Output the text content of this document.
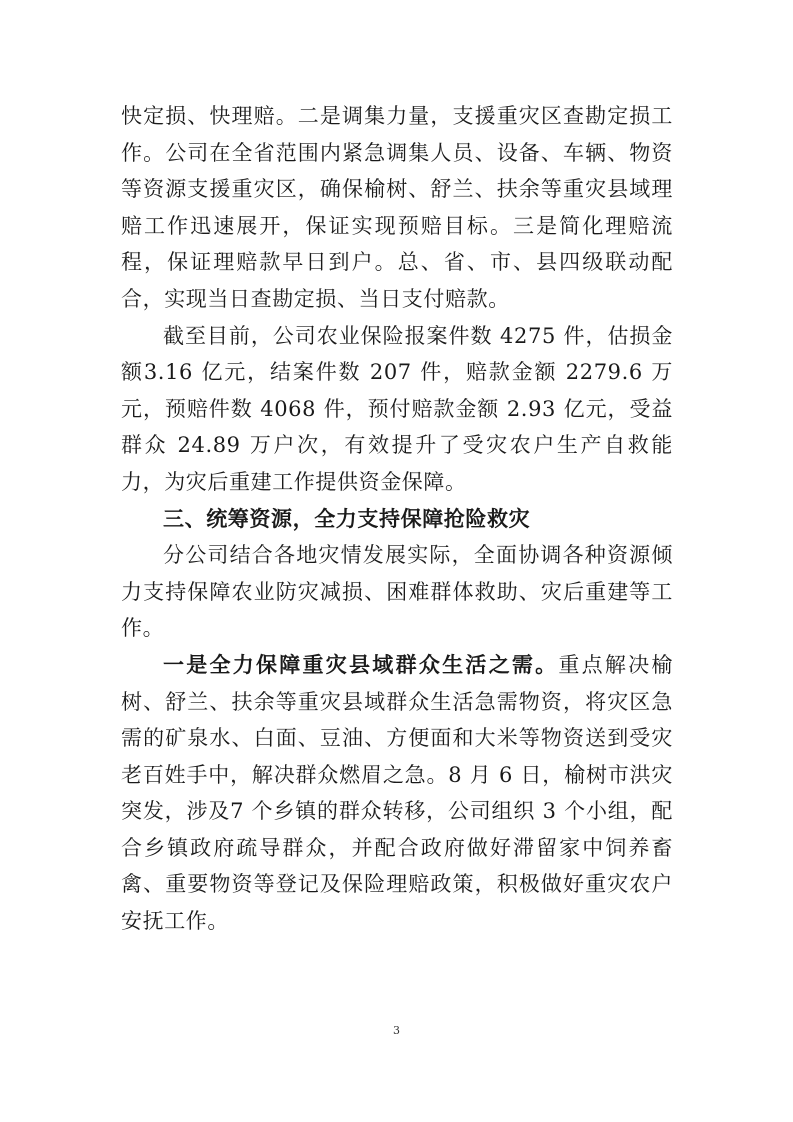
快定损、快理赔。二是调集力量，支援重灾区查勘定损工作。公司在全省范围内紧急调集人员、设备、车辆、物资等资源支援重灾区，确保榆树、舒兰、扶余等重灾县域理赔工作迅速展开，保证实现预赔目标。三是简化理赔流程，保证理赔款早日到户。总、省、市、县四级联动配合，实现当日查勘定损、当日支付赔款。

截至目前，公司农业保险报案件数 4275 件，估损金额3.16 亿元，结案件数 207 件，赔款金额 2279.6 万元，预赔件数 4068 件，预付赔款金额 2.93 亿元，受益群众 24.89 万户次，有效提升了受灾农户生产自救能力，为灾后重建工作提供资金保障。

三、统筹资源，全力支持保障抢险救灾

分公司结合各地灾情发展实际，全面协调各种资源倾力支持保障农业防灾减损、困难群体救助、灾后重建等工作。

一是全力保障重灾县域群众生活之需。重点解决榆树、舒兰、扶余等重灾县域群众生活急需物资，将灾区急需的矿泉水、白面、豆油、方便面和大米等物资送到受灾老百姓手中，解决群众燃眉之急。8 月 6 日，榆树市洪灾突发，涉及7 个乡镇的群众转移，公司组织 3 个小组，配合乡镇政府疏导群众，并配合政府做好滞留家中饲养畜禽、重要物资等登记及保险理赔政策，积极做好重灾农户安抚工作。

3
